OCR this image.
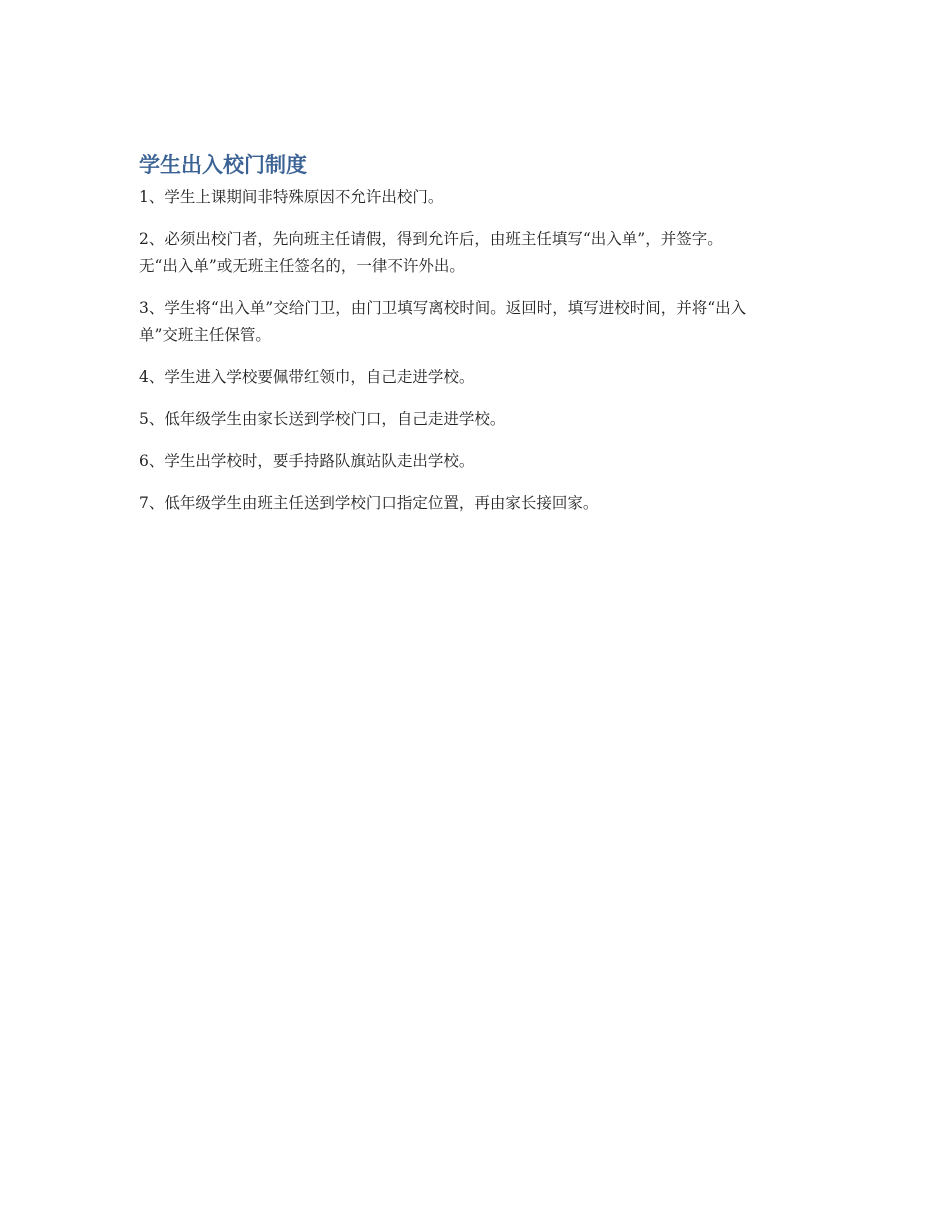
学生出入校门制度

1、学生上课期间非特殊原因不允许出校门。

2、必须出校门者，先向班主任请假，得到允许后，由班主任填写“出入单”，并签字。
无“出入单”或无班主任签名的，一律不许外出。

3、学生将“出入单”交给门卫，由门卫填写离校时间。返回时，填写进校时间，并将“出入
单”交班主任保管。

4、学生进入学校要佩带红领巾，自己走进学校。

5、低年级学生由家长送到学校门口，自己走进学校。

6、学生出学校时，要手持路队旗站队走出学校。

7、低年级学生由班主任送到学校门口指定位置，再由家长接回家。
